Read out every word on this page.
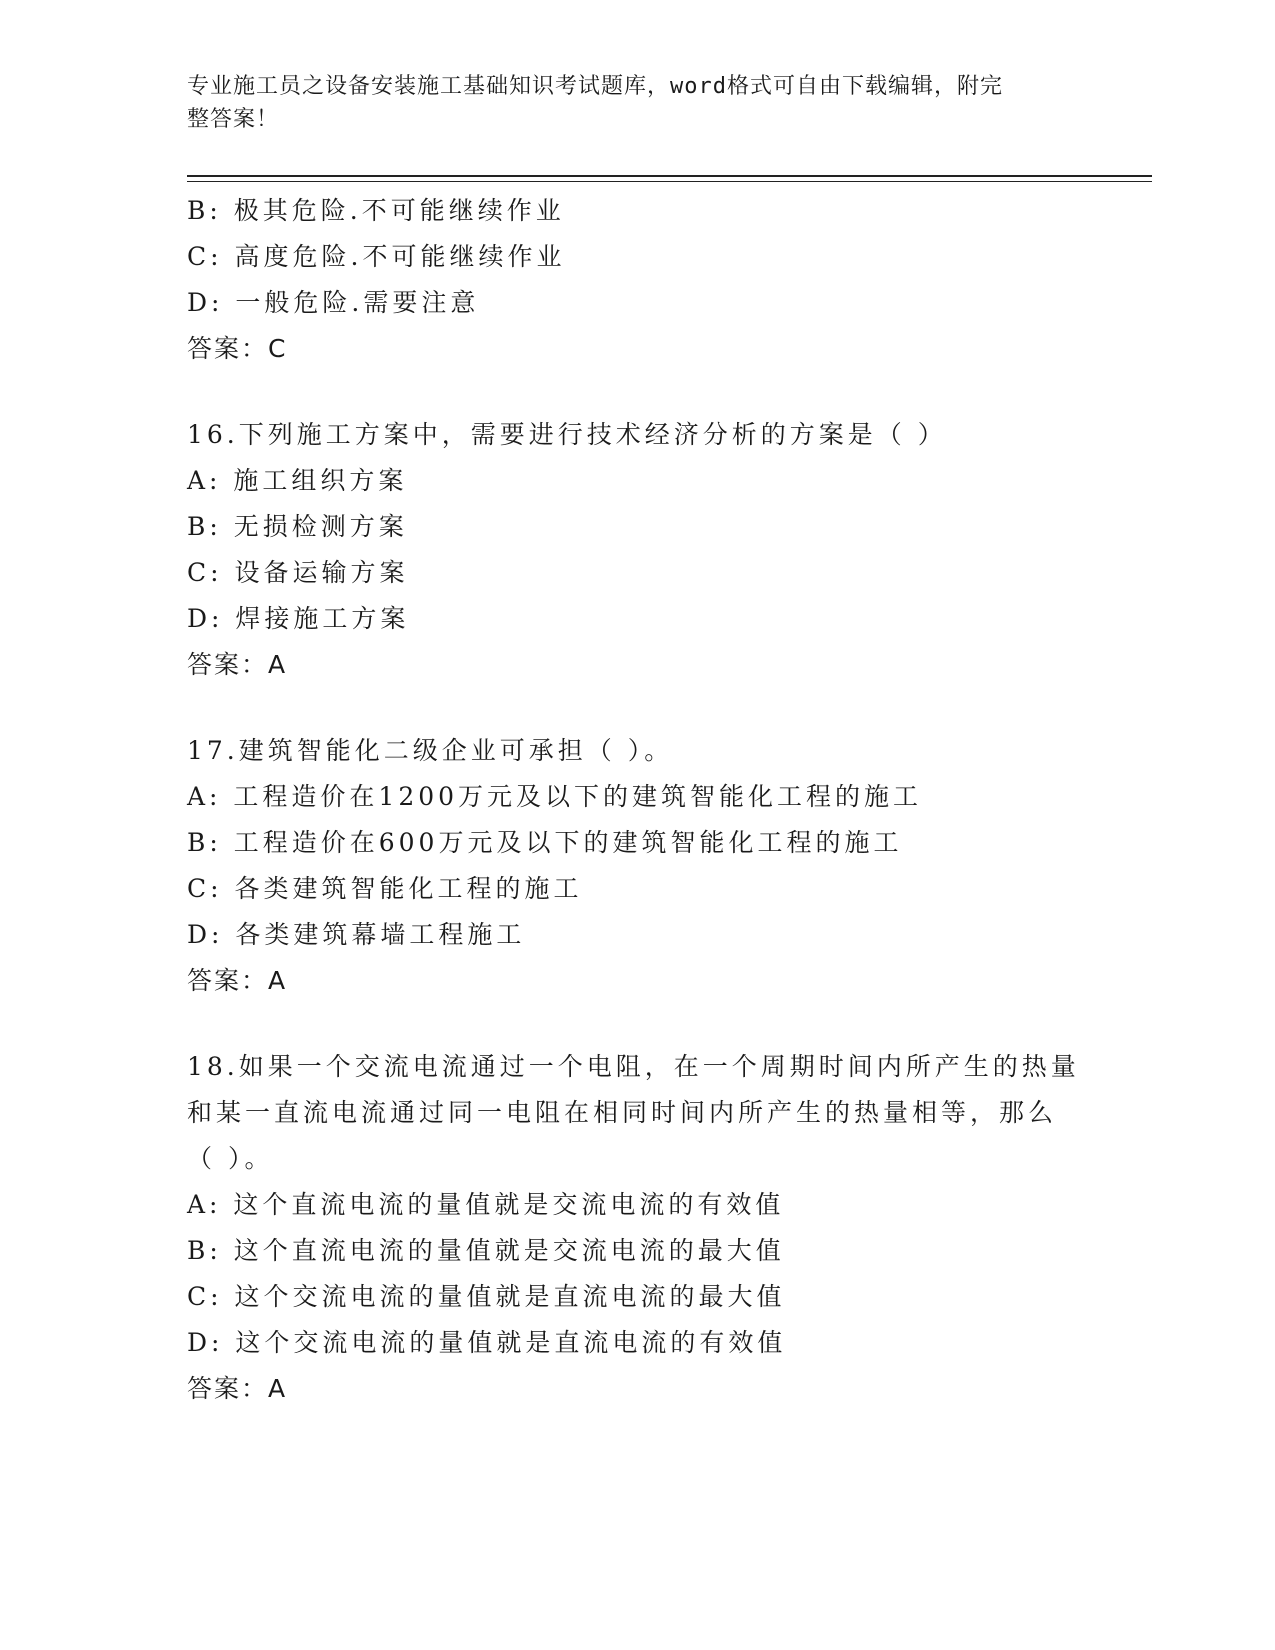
专业施工员之设备安装施工基础知识考试题库，word格式可自由下载编辑，附完
整答案！
B: 极其危险.不可能继续作业
C: 高度危险.不可能继续作业
D: 一般危险.需要注意
答案：C
16.下列施工方案中，需要进行技术经济分析的方案是（ ）
A: 施工组织方案
B: 无损检测方案
C: 设备运输方案
D: 焊接施工方案
答案：A
17.建筑智能化二级企业可承担（ ）。
A: 工程造价在1200万元及以下的建筑智能化工程的施工
B: 工程造价在600万元及以下的建筑智能化工程的施工
C: 各类建筑智能化工程的施工
D: 各类建筑幕墙工程施工
答案：A
18.如果一个交流电流通过一个电阻，在一个周期时间内所产生的热量
和某一直流电流通过同一电阻在相同时间内所产生的热量相等，那么
（ ）。
A: 这个直流电流的量值就是交流电流的有效值
B: 这个直流电流的量值就是交流电流的最大值
C: 这个交流电流的量值就是直流电流的最大值
D: 这个交流电流的量值就是直流电流的有效值
答案：A
